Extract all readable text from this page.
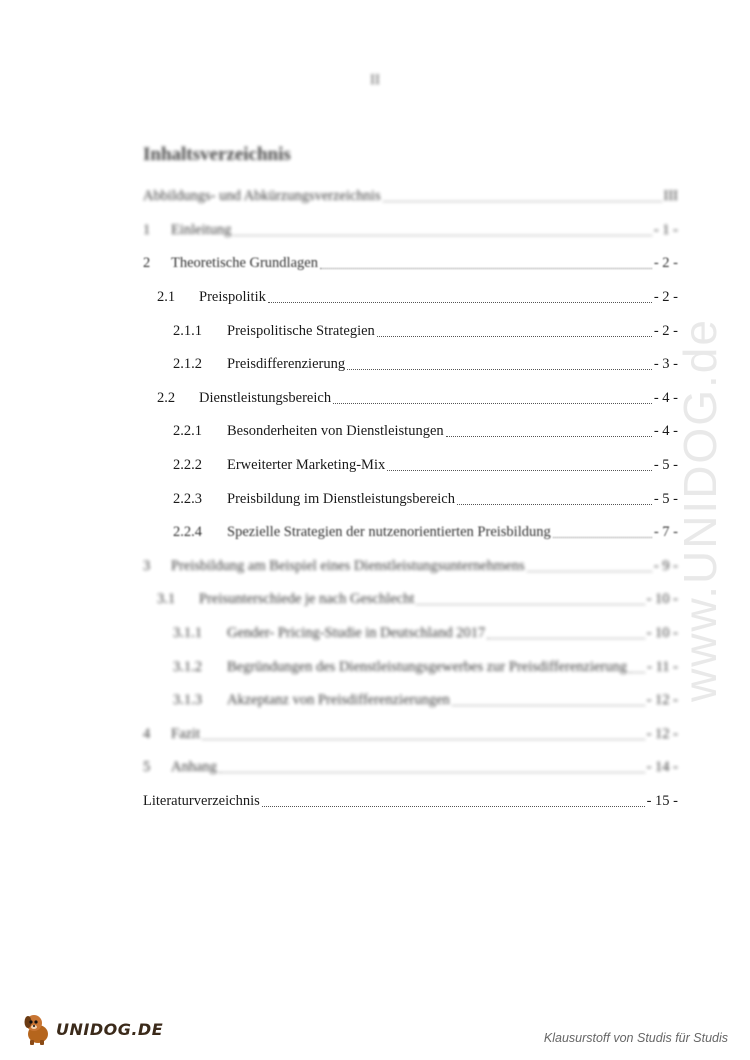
II
Inhaltsverzeichnis
Abbildungs- und Abkürzungsverzeichnis	III
1	Einleitung	- 1 -
2	Theoretische Grundlagen	- 2 -
2.1	Preispolitik	- 2 -
2.1.1	Preispolitische Strategien	- 2 -
2.1.2	Preisdifferenzierung	- 3 -
2.2	Dienstleistungsbereich	- 4 -
2.2.1	Besonderheiten von Dienstleistungen	- 4 -
2.2.2	Erweiterter Marketing-Mix	- 5 -
2.2.3	Preisbildung im Dienstleistungsbereich	- 5 -
2.2.4	Spezielle Strategien der nutzenorientierten Preisbildung	- 7 -
3	Preisbildung am Beispiel eines Dienstleistungsunternehmens	- 9 -
3.1	Preisunterschiede je nach Geschlecht	- 10 -
3.1.1	Gender- Pricing-Studie in Deutschland 2017	- 10 -
3.1.2	Begründungen des Dienstleistungsgewerbes zur Preisdifferenzierung - 11 -
3.1.3	Akzeptanz von Preisdifferenzierungen	- 12 -
4	Fazit	- 12 -
5	Anhang	- 14 -
Literaturverzeichnis	- 15 -
www.UNIDOG.de
UNIDOG.DE	Klausurstoff von Studis für Studis
